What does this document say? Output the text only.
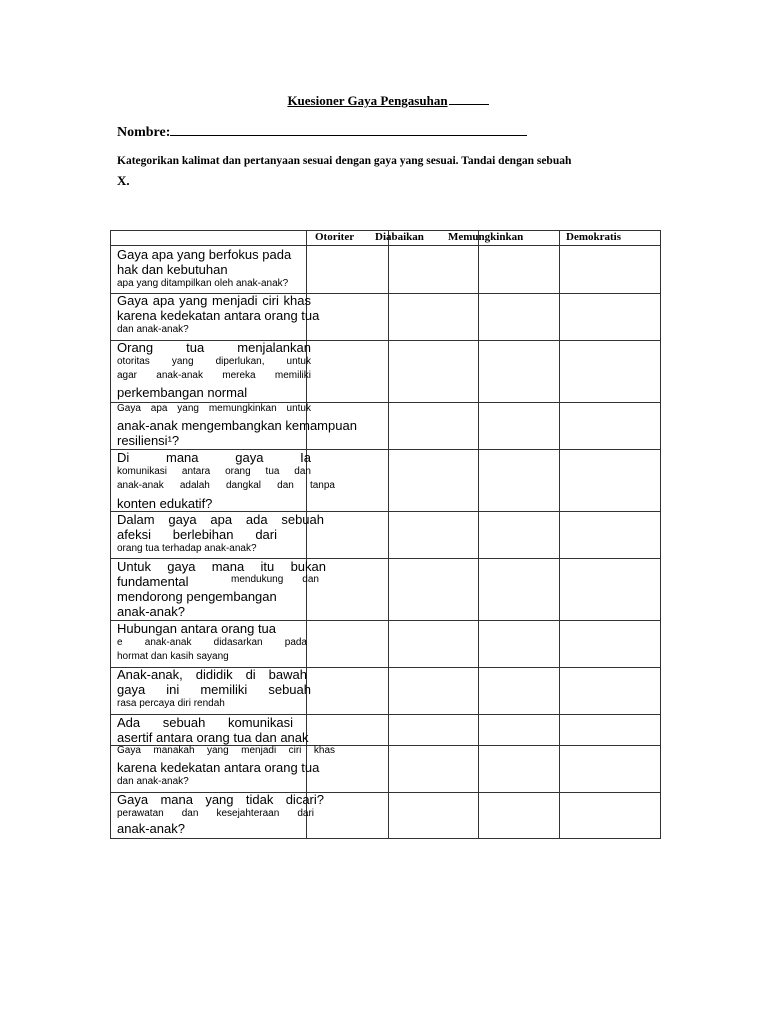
Kuesioner Gaya Pengasuhan
Nombre:
Kategorikan kalimat dan pertanyaan sesuai dengan gaya yang sesuai. Tandai dengan sebuah
X.
Otoriter Diabaikan Memungkinkan	Demokratis
Gaya apa yang berfokus pada
hak dan kebutuhan
apa yang ditampilkan oleh anak-anak?
Gaya apa yang menjadi ciri khas
karena kedekatan antara orang tua
dan anak-anak?
Orang tua menjalankan
otoritas yang diperlukan, untuk
agar anak-anak mereka memiliki
perkembangan normal
Gaya apa yang memungkinkan untuk
anak-anak mengembangkan kemampuan
resiliensi¹?
Di mana gaya Ia
komunikasi antara orang tua dan
anak-anak adalah dangkal dan tanpa
konten edukatif?
Dalam gaya apa ada sebuah
afeksi berlebihan dari
orang tua terhadap anak-anak?
Untuk gaya mana itu bukan
fundamental	mendukung dan
mendorong pengembangan
anak-anak?
Hubungan antara orang tua
e anak-anak didasarkan pada
hormat dan kasih sayang
Anak-anak, dididik di bawah
gaya ini memiliki sebuah
rasa percaya diri rendah
Ada sebuah komunikasi
asertif antara orang tua dan anak
Gaya manakah yang menjadi ciri khas
karena kedekatan antara orang tua
dan anak-anak?
Gaya mana yang tidak dicari?
perawatan dan kesejahteraan dari
anak-anak?
